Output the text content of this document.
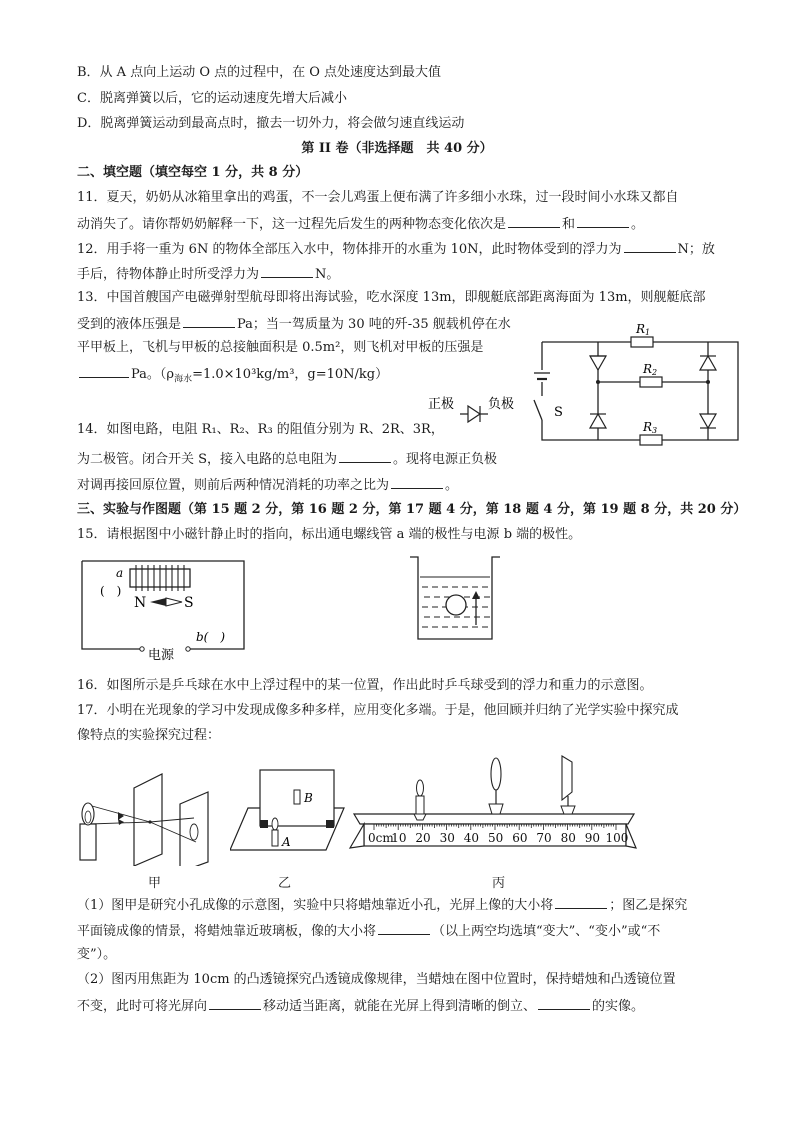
B．从 A 点向上运动 O 点的过程中，在 O 点处速度达到最大值
C．脱离弹簧以后，它的运动速度先增大后减小
D．脱离弹簧运动到最高点时，撤去一切外力，将会做匀速直线运动
第 II 卷（非选择题　共 40 分）
二、填空题（填空每空 1 分，共 8 分）
11．夏天，奶奶从冰箱里拿出的鸡蛋，不一会儿鸡蛋上便布满了许多细小水珠，过一段时间小水珠又都自
动消失了。请你帮奶奶解释一下，这一过程先后发生的两种物态变化依次是	和	。
12．用手将一重为 6N 的物体全部压入水中，物体排开的水重为 10N，此时物体受到的浮力为	N；放
手后，待物体静止时所受浮力为	N。
13．中国首艘国产电磁弹射型航母即将出海试验，吃水深度 13m，即舰艇底部距离海面为 13m，则舰艇底部
受到的液体压强是	Pa；当一驾质量为 30 吨的歼-35 舰载机停在水
平甲板上，飞机与甲板的总接触面积是 0.5m²，则飞机对甲板的压强是
Pa。（$\rho_{海水}=1.0\times 10^3kg/m^3$，g=10N/kg）
14．如图电路，电阻 R₁、R₂、R₃ 的阻值分别为 R、2R、3R，
为二极管。闭合开关 S，接入电路的总电阻为	。现将电源正负极
对调再接回原位置，则前后两种情况消耗的功率之比为	。
三、实验与作图题（第 15 题 2 分，第 16 题 2 分，第 17 题 4 分，第 18 题 4 分，第 19 题 8 分，共 20 分）
15．请根据图中小磁针静止时的指向，标出通电螺线管 a 端的极性与电源 b 端的极性。
16．如图所示是乒乓球在水中上浮过程中的某一位置，作出此时乒乓球受到的浮力和重力的示意图。
17．小明在光现象的学习中发现成像多种多样，应用变化多端。于是，他回顾并归纳了光学实验中探究成
像特点的实验探究过程：
（1）图甲是研究小孔成像的示意图，实验中只将蜡烛靠近小孔，光屏上像的大小将	；图乙是探究
平面镜成像的情景，将蜡烛靠近玻璃板，像的大小将	（以上两空均选填“变大”、“变小”或“不
变”）。
（2）图丙用焦距为 10cm 的凸透镜探究凸透镜成像规律，当蜡烛在图中位置时，保持蜡烛和凸透镜位置
不变，此时可将光屏向	移动适当距离，就能在光屏上得到清晰的倒立、	的实像。
S
R1
R2
R3
正极	负极
a
(　)
N	S
b(　)
电源
甲
B
A
乙
0cm
10 20 30 40 50 60 70 80 90 100
丙
